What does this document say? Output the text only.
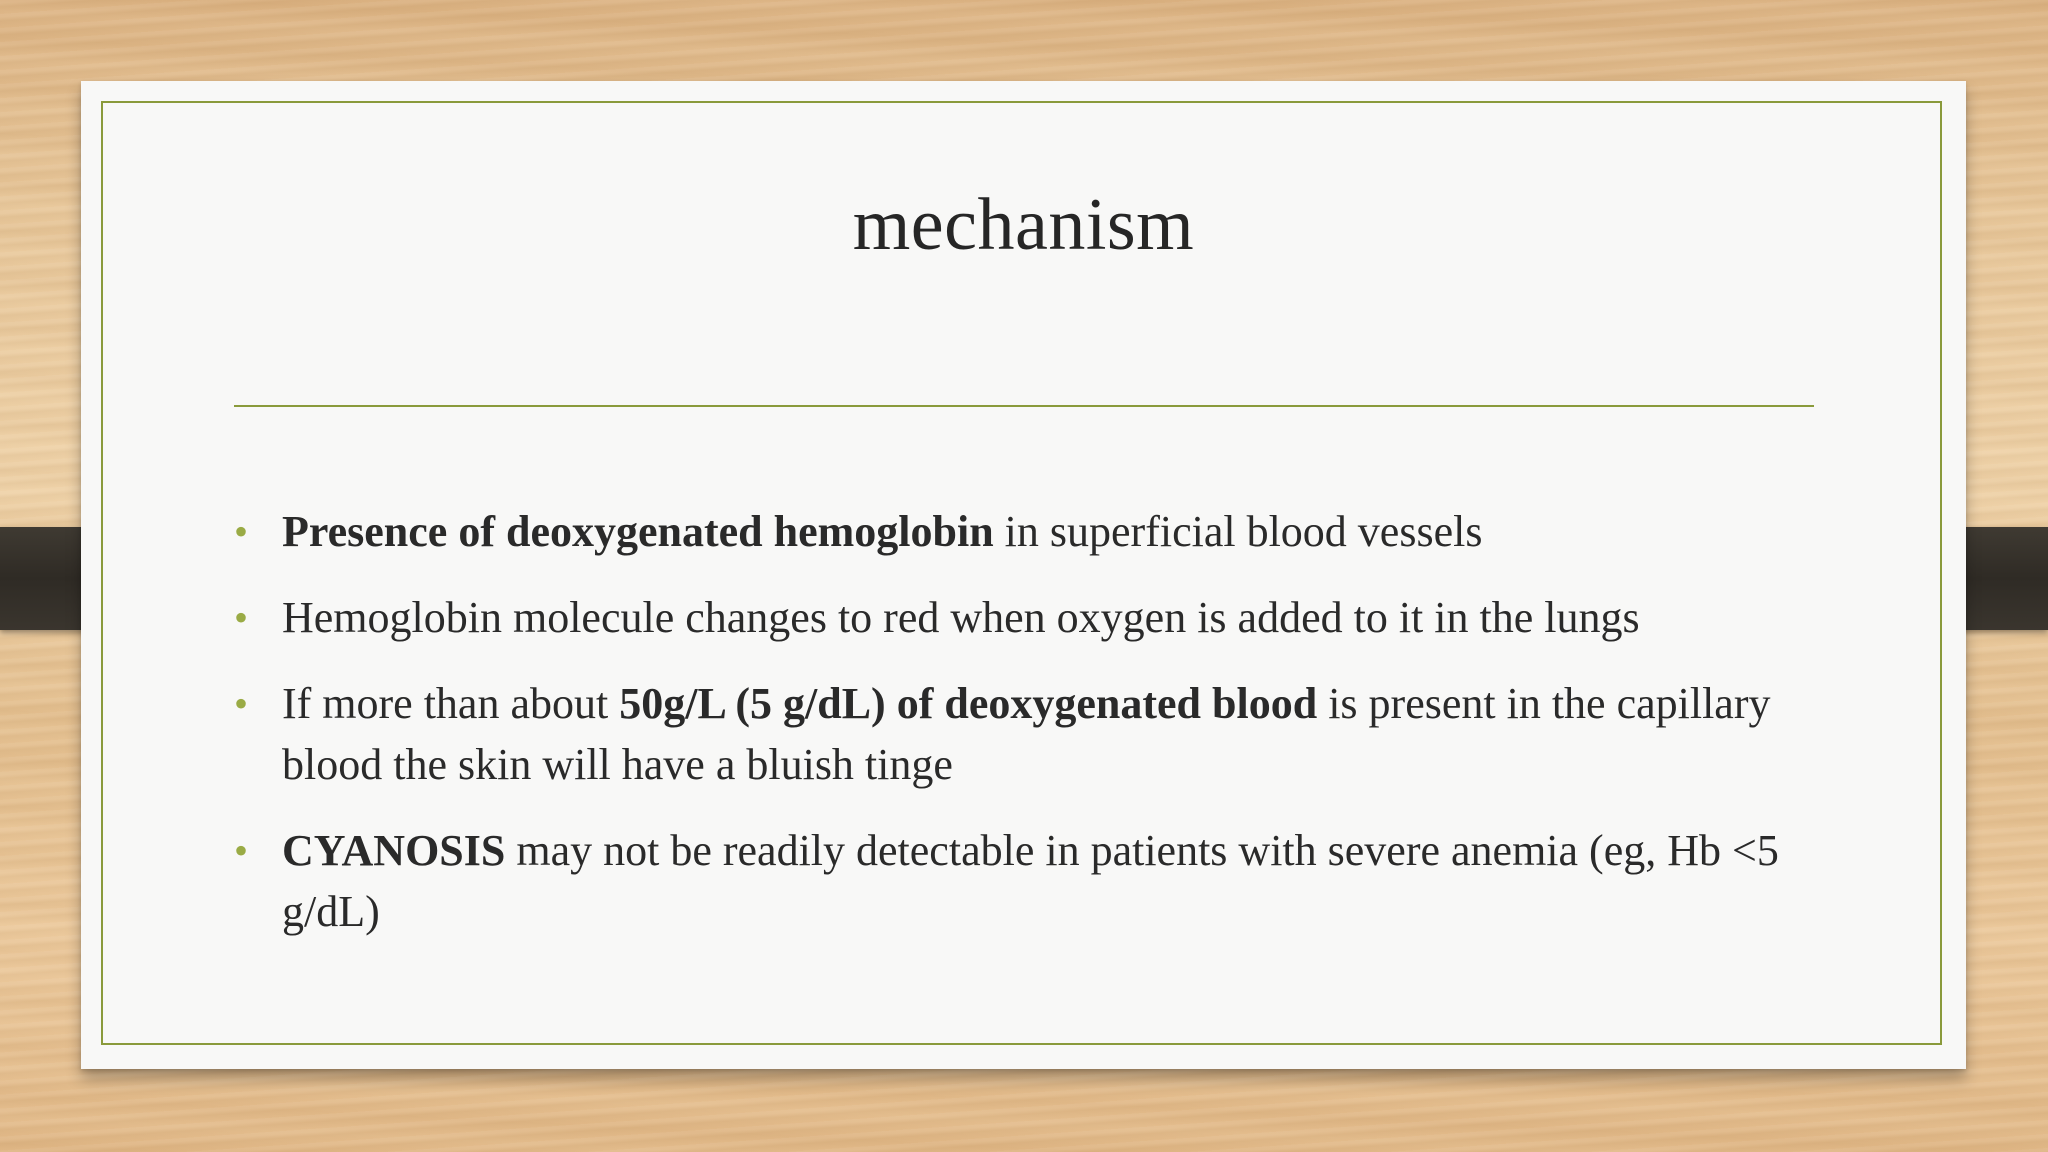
mechanism
• Presence of deoxygenated hemoglobin in superficial blood vessels
• Hemoglobin molecule changes to red when oxygen is added to it in the lungs
• If more than about 50g/L (5 g/dL) of deoxygenated blood is present in the capillary blood the skin will have a bluish tinge
• CYANOSIS may not be readily detectable in patients with severe anemia (eg, Hb <5 g/dL)
